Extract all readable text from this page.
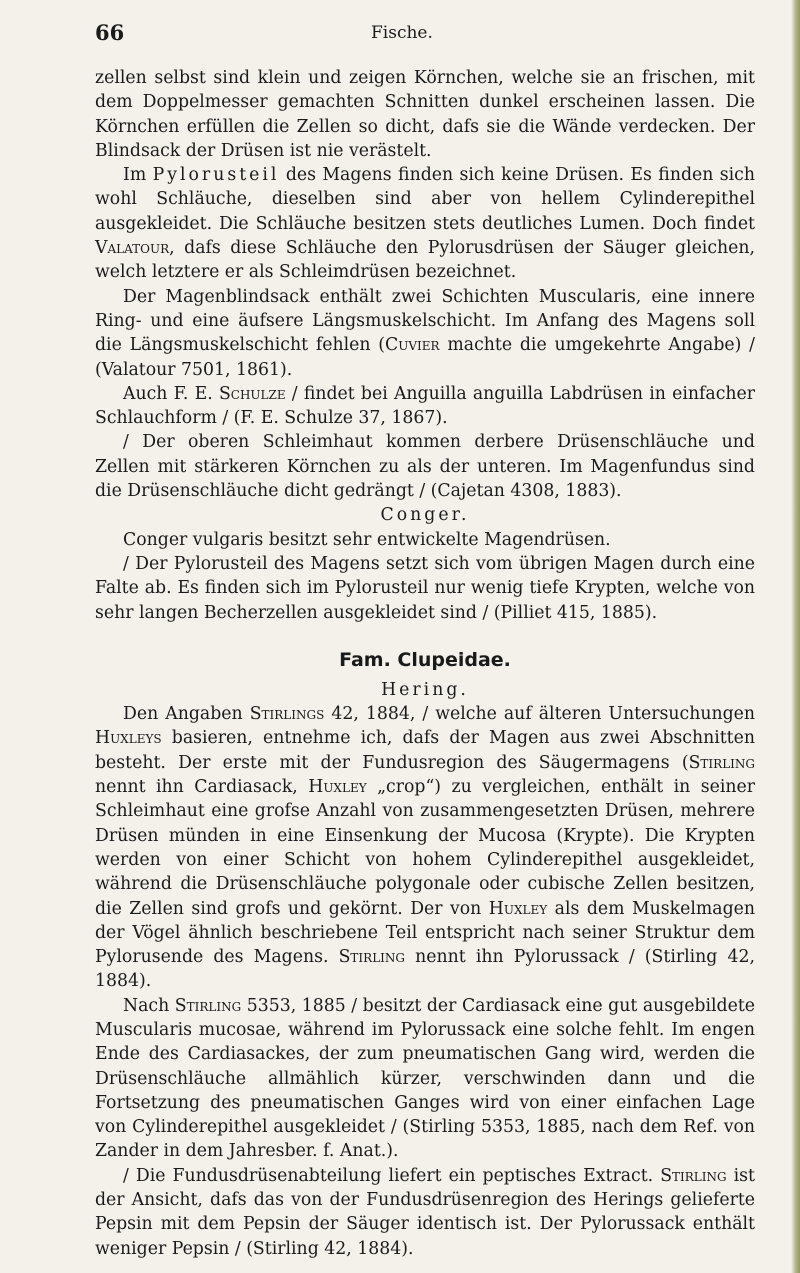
66	Fische.

zellen selbst sind klein und zeigen Körnchen, welche sie an frischen, mit dem Doppelmesser gemachten Schnitten dunkel erscheinen lassen. Die Körnchen erfüllen die Zellen so dicht, dafs sie die Wände verdecken. Der Blindsack der Drüsen ist nie verästelt.

Im Pylorusteil des Magens finden sich keine Drüsen. Es finden sich wohl Schläuche, dieselben sind aber von hellem Cylinderepithel ausgekleidet. Die Schläuche besitzen stets deutliches Lumen. Doch findet Valatour, dafs diese Schläuche den Pylorusdrüsen der Säuger gleichen, welch letztere er als Schleimdrüsen bezeichnet.

Der Magenblindsack enthält zwei Schichten Muscularis, eine innere Ring- und eine äufsere Längsmuskelschicht. Im Anfang des Magens soll die Längsmuskelschicht fehlen (Cuvier machte die umgekehrte Angabe) / (Valatour 7501, 1861).

Auch F. E. Schulze / findet bei Anguilla anguilla Labdrüsen in einfacher Schlauchform / (F. E. Schulze 37, 1867).

/ Der oberen Schleimhaut kommen derbere Drüsenschläuche und Zellen mit stärkeren Körnchen zu als der unteren. Im Magenfundus sind die Drüsenschläuche dicht gedrängt / (Cajetan 4308, 1883).

Conger.

Conger vulgaris besitzt sehr entwickelte Magendrüsen.

/ Der Pylorusteil des Magens setzt sich vom übrigen Magen durch eine Falte ab. Es finden sich im Pylorusteil nur wenig tiefe Krypten, welche von sehr langen Becherzellen ausgekleidet sind / (Pilliet 415, 1885).

Fam. Clupeidae.
Hering.

Den Angaben Stirlings 42, 1884, / welche auf älteren Untersuchungen Huxleys basieren, entnehme ich, dafs der Magen aus zwei Abschnitten besteht. Der erste mit der Fundusregion des Säugermagens (Stirling nennt ihn Cardiasack, Huxley „crop“) zu vergleichen, enthält in seiner Schleimhaut eine grofse Anzahl von zusammengesetzten Drüsen, mehrere Drüsen münden in eine Einsenkung der Mucosa (Krypte). Die Krypten werden von einer Schicht von hohem Cylinderepithel ausgekleidet, während die Drüsenschläuche polygonale oder cubische Zellen besitzen, die Zellen sind grofs und gekörnt. Der von Huxley als dem Muskelmagen der Vögel ähnlich beschriebene Teil entspricht nach seiner Struktur dem Pylorusende des Magens. Stirling nennt ihn Pylorussack / (Stirling 42, 1884).

Nach Stirling 5353, 1885 / besitzt der Cardiasack eine gut ausgebildete Muscularis mucosae, während im Pylorussack eine solche fehlt. Im engen Ende des Cardiasackes, der zum pneumatischen Gang wird, werden die Drüsenschläuche allmählich kürzer, verschwinden dann und die Fortsetzung des pneumatischen Ganges wird von einer einfachen Lage von Cylinderepithel ausgekleidet / (Stirling 5353, 1885, nach dem Ref. von Zander in dem Jahresber. f. Anat.).

/ Die Fundusdrüsenabteilung liefert ein peptisches Extract. Stirling ist der Ansicht, dafs das von der Fundusdrüsenregion des Herings gelieferte Pepsin mit dem Pepsin der Säuger identisch ist. Der Pylorussack enthält weniger Pepsin / (Stirling 42, 1884).
